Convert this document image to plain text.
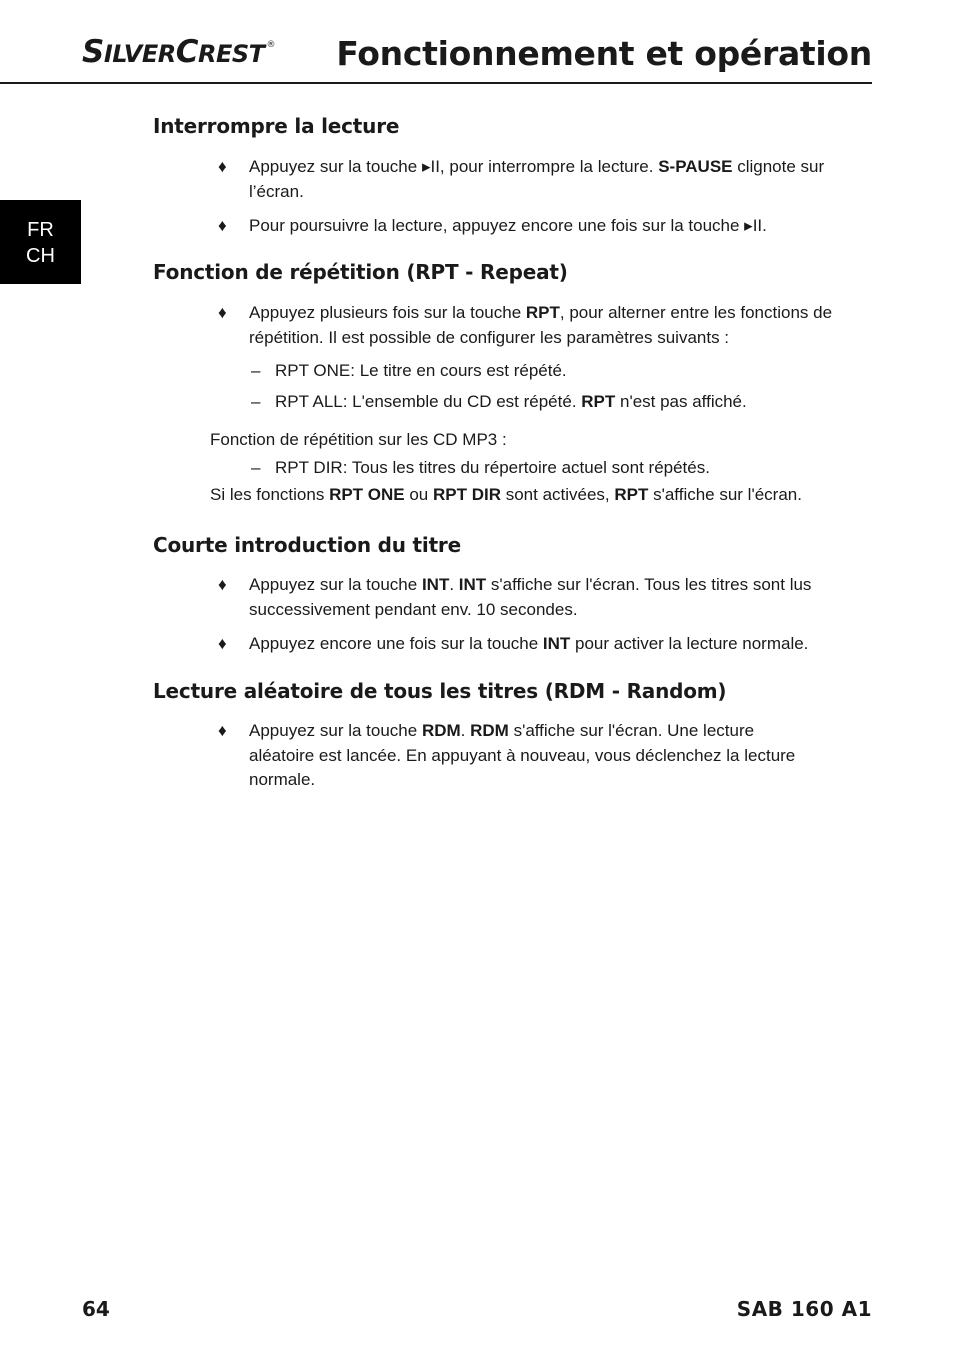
SILVERCREST ® Fonctionnement et opération
FR
CH
Interrompre la lecture
♦ Appuyez sur la touche ▸II, pour interrompre la lecture. S-PAUSE clignote sur l’écran.
♦ Pour poursuivre la lecture, appuyez encore une fois sur la touche ▸II.
Fonction de répétition (RPT - Repeat)
♦ Appuyez plusieurs fois sur la touche RPT, pour alterner entre les fonctions de répétition. Il est possible de configurer les paramètres suivants :
– RPT ONE: Le titre en cours est répété.
– RPT ALL: L'ensemble du CD est répété. RPT n'est pas affiché.
Fonction de répétition sur les CD MP3 :
– RPT DIR: Tous les titres du répertoire actuel sont répétés.
Si les fonctions RPT ONE ou RPT DIR sont activées, RPT s'affiche sur l'écran.
Courte introduction du titre
♦ Appuyez sur la touche INT. INT s'affiche sur l'écran. Tous les titres sont lus successivement pendant env. 10 secondes.
♦ Appuyez encore une fois sur la touche INT pour activer la lecture normale.
Lecture aléatoire de tous les titres (RDM - Random)
♦ Appuyez sur la touche RDM. RDM s'affiche sur l'écran. Une lecture aléatoire est lancée. En appuyant à nouveau, vous déclenchez la lecture normale.
64	SAB 160 A1
